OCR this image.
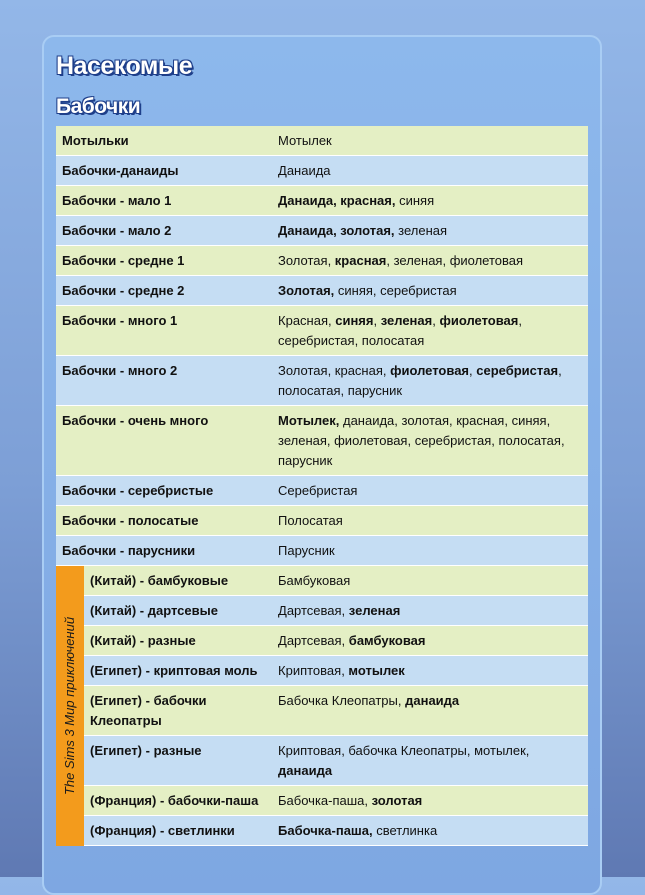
Насекомые
Бабочки
Мотыльки		Мотылек
Бабочки-данаиды		Данаида
Бабочки - мало 1		Данаида, красная, синяя
Бабочки - мало 2		Данаида, золотая, зеленая
Бабочки - средне 1		Золотая, красная, зеленая, фиолетовая
Бабочки - средне 2		Золотая, синяя, серебристая
Бабочки - много 1		Красная, синяя, зеленая, фиолетовая, серебристая, полосатая
Бабочки - много 2		Золотая, красная, фиолетовая, серебристая, полосатая, парусник
Бабочки - очень много		Мотылек, данаида, золотая, красная, синяя, зеленая, фиолетовая, серебристая, полосатая, парусник
Бабочки - серебристые		Серебристая
Бабочки - полосатые		Полосатая
Бабочки - парусники		Парусник

The Sims 3 Мир приключений	(Китай) - бамбуковые	Бамбуковая
	(Китай) - дартсевые	Дартсевая, зеленая
	(Китай) - разные	Дартсевая, бамбуковая
	(Египет) - криптовая моль	Криптовая, мотылек
	(Египет) - бабочки Клеопатры	Бабочка Клеопатры, данаида
	(Египет) - разные	Криптовая, бабочка Клеопатры, мотылек, данаида
	(Франция) - бабочки-паша	Бабочка-паша, золотая
	(Франция) - светлинки	Бабочка-паша, светлинка
